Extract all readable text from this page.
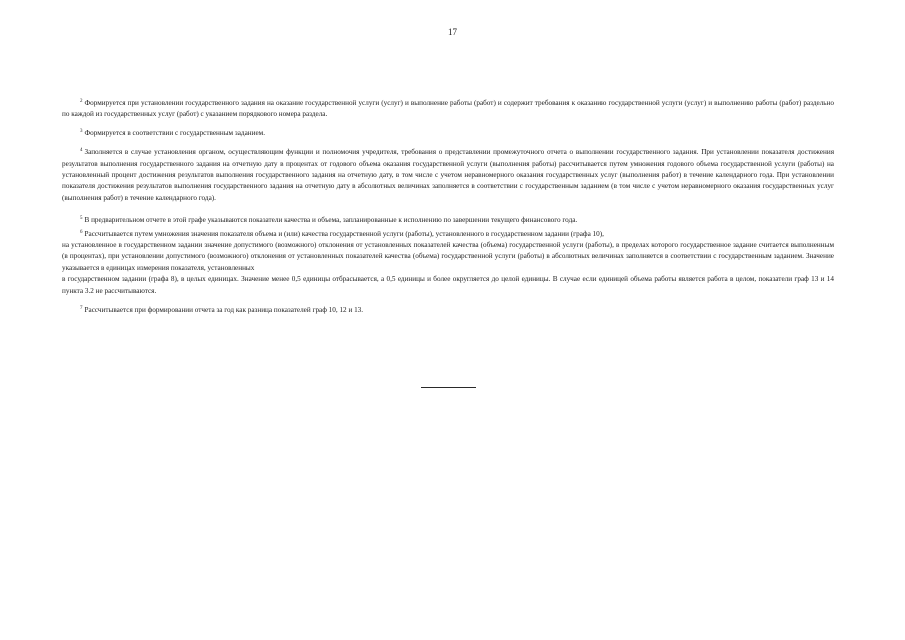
17

$^2$ Формируется при установлении государственного задания на оказание государственной услуги (услуг) и выполнение работы (работ) и содержит требования к оказанию государственной услуги (услуг) и выполнению работы (работ) раздельно по каждой из государственных услуг (работ) с указанием порядкового номера раздела.

$^3$ Формируется в соответствии с государственным заданием.

$^4$ Заполняется в случае установления органом, осуществляющим функции и полномочия учредителя, требования о представлении промежуточного отчета о выполнении государственного задания. При установлении показателя достижения результатов выполнения государственного задания на отчетную дату в процентах от годового объема оказания государственной услуги (выполнения работы) рассчитывается путем умножения годового объема государственной услуги (работы) на установленный процент достижения результатов выполнения государственного задания на отчетную дату, в том числе с учетом неравномерного оказания государственных услуг (выполнения работ) в течение календарного года. При установлении показателя достижения результатов выполнения государственного задания на отчетную дату в абсолютных величинах заполняется в соответствии с государственным заданием (в том числе с учетом неравномерного оказания государственных услуг (выполнения работ) в течение календарного года).

$^5$ В предварительном отчете в этой графе указываются показатели качества и объема, запланированные к исполнению по завершении текущего финансового года.

$^6$ Рассчитывается путем умножения значения показателя объема и (или) качества государственной услуги (работы), установленного в государственном задании (графа 10),
на установленное в государственном задании значение допустимого (возможного) отклонения от установленных показателей качества (объема) государственной услуги (работы), в пределах которого государственное задание считается выполненным (в процентах), при установлении допустимого (возможного) отклонения от установленных показателей качества (объема) государственной услуги (работы) в абсолютных величинах заполняется в соответствии с государственным заданием. Значение указывается в единицах измерения показателя, установленных
в государственном задании (графа 8), в целых единицах. Значение менее 0,5 единицы отбрасывается, а 0,5 единицы и более округляется до целой единицы. В случае если единицей объема работы является работа в целом, показатели граф 13 и 14 пункта 3.2 не рассчитываются.

$^7$ Рассчитывается при формировании отчета за год как разница показателей граф 10, 12 и 13.
